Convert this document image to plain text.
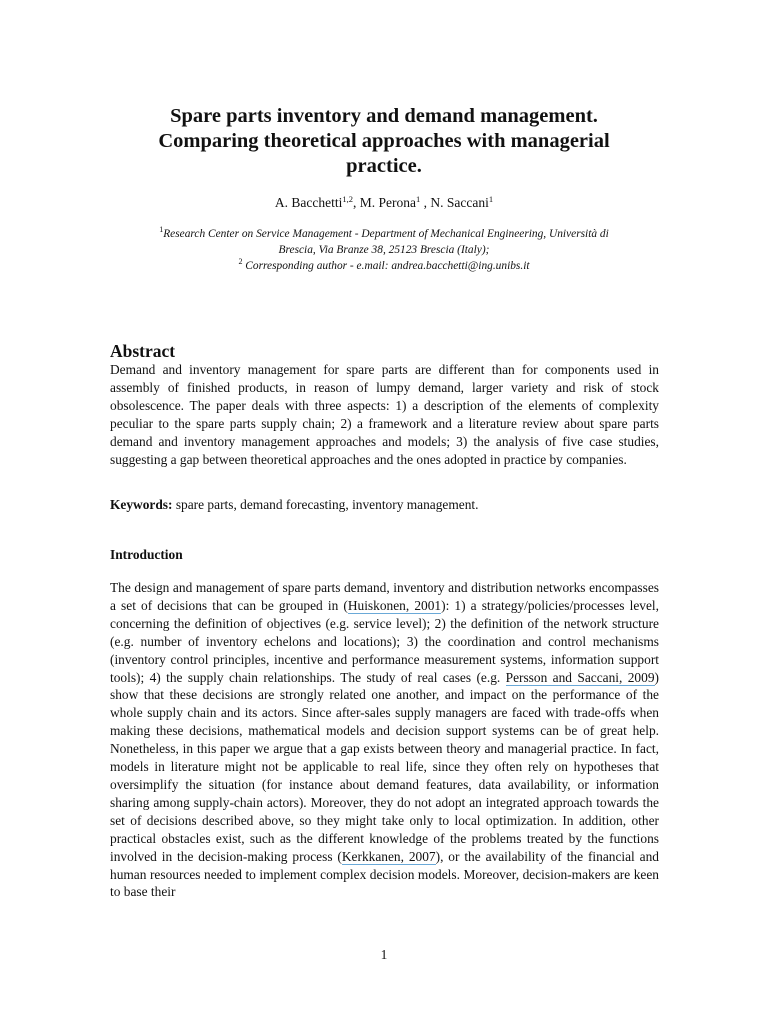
Spare parts inventory and demand management.
Comparing theoretical approaches with managerial
practice.
A. Bacchetti$^{1,2}$, M. Perona$^1$ , N. Saccani$^1$
$^1$Research Center on Service Management - Department of Mechanical Engineering, Università di
Brescia, Via Branze 38, 25123 Brescia (Italy);
$^2$ Corresponding author - e.mail: andrea.bacchetti@ing.unibs.it
Abstract

Demand and inventory management for spare parts are different than for components used in assembly of finished products, in reason of lumpy demand, larger variety and risk of stock obsolescence. The paper deals with three aspects: 1) a description of the elements of complexity peculiar to the spare parts supply chain; 2) a framework and a literature review about spare parts demand and inventory management approaches and models; 3) the analysis of five case studies, suggesting a gap between theoretical approaches and the ones adopted in practice by companies.

Keywords: spare parts, demand forecasting, inventory management.

Introduction

The design and management of spare parts demand, inventory and distribution networks encompasses a set of decisions that can be grouped in (Huiskonen, 2001): 1) a strategy/policies/processes level, concerning the definition of objectives (e.g. service level); 2) the definition of the network structure (e.g. number of inventory echelons and locations); 3) the coordination and control mechanisms (inventory control principles, incentive and performance measurement systems, information support tools); 4) the supply chain relationships. The study of real cases (e.g. Persson and Saccani, 2009) show that these decisions are strongly related one another, and impact on the performance of the whole supply chain and its actors. Since after-sales supply managers are faced with trade-offs when making these decisions, mathematical models and decision support systems can be of great help. Nonetheless, in this paper we argue that a gap exists between theory and managerial practice. In fact, models in literature might not be applicable to real life, since they often rely on hypotheses that oversimplify the situation (for instance about demand features, data availability, or information sharing among supply-chain actors). Moreover, they do not adopt an integrated approach towards the set of decisions described above, so they might take only to local optimization. In addition, other practical obstacles exist, such as the different knowledge of the problems treated by the functions involved in the decision-making process (Kerkkanen, 2007), or the availability of the financial and human resources needed to implement complex decision models. Moreover, decision-makers are keen to base their

1
